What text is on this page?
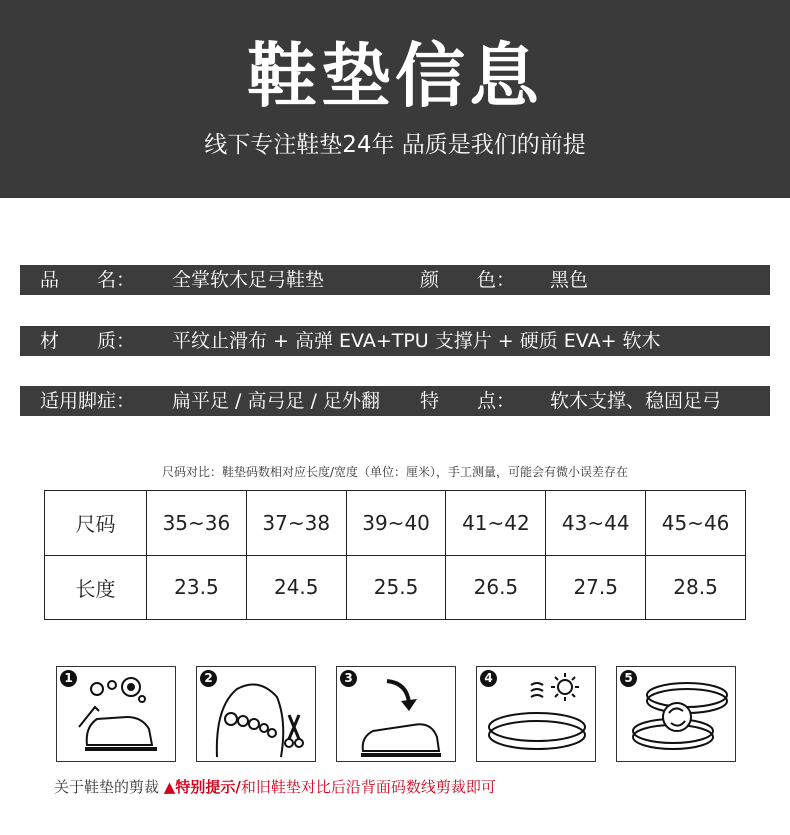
鞋垫信息
线下专注鞋垫24年 品质是我们的前提
品　　名： 全掌软木足弓鞋垫	颜　　色： 黑色
材　　质： 平纹止滑布 + 高弹 EVA+TPU 支撑片 + 硬质 EVA+ 软木
适用脚症： 扁平足 / 高弓足 / 足外翻 特　　点： 软木支撑、稳固足弓
尺码对比：鞋垫码数相对应长度/宽度（单位：厘米），手工测量，可能会有微小误差存在
尺码	35~36	37~38	39~40	41~42	43~44	45~46
长度	23.5	24.5	25.5	26.5	27.5	28.5
1	2	3	4	5
关于鞋垫的剪裁 ▲特别提示/和旧鞋垫对比后沿背面码数线剪裁即可
